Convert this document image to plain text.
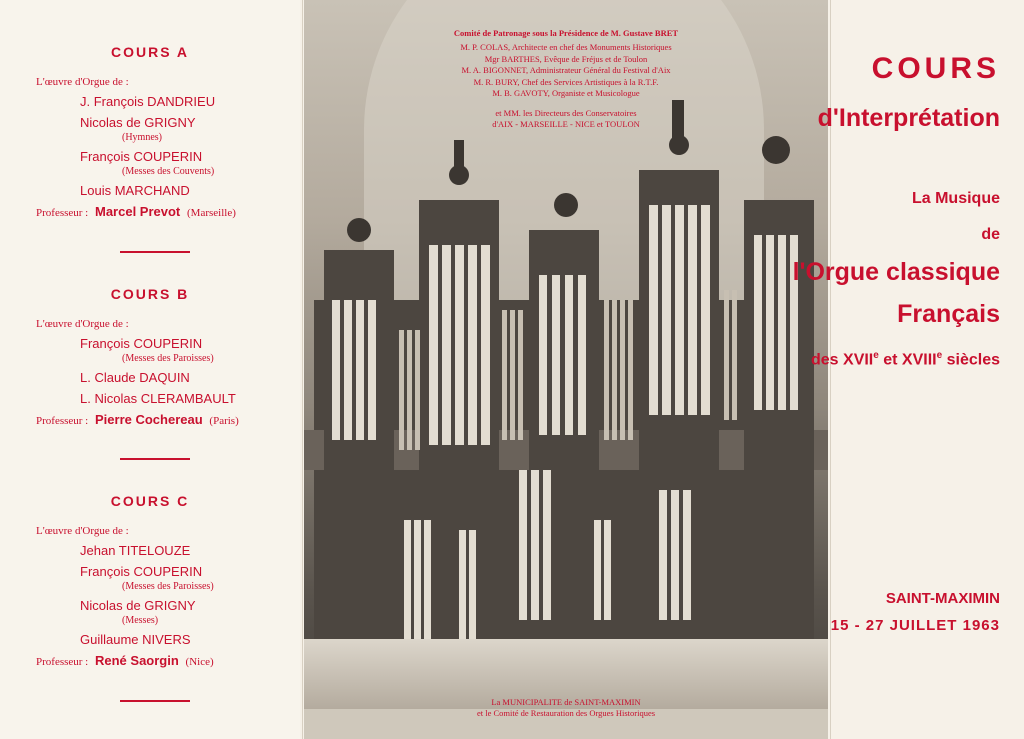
COURS A
L'œuvre d'Orgue de :
J. François DANDRIEU
Nicolas de GRIGNY
(Hymnes)
François COUPERIN
(Messes des Couvents)
Louis MARCHAND
Professeur : Marcel Prevot (Marseille)
COURS B
L'œuvre d'Orgue de :
François COUPERIN
(Messes des Paroisses)
L. Claude DAQUIN
L. Nicolas CLERAMBAULT
Professeur : Pierre Cochereau (Paris)
COURS C
L'œuvre d'Orgue de :
Jehan TITELOUZE
François COUPERIN
(Messes des Paroisses)
Nicolas de GRIGNY
(Messes)
Guillaume NIVERS
Professeur : René Saorgin (Nice)
Comité de Patronage sous la Présidence de M. Gustave BRET
M. P. COLAS, Architecte en chef des Monuments Historiques
Mgr BARTHES, Evêque de Fréjus et de Toulon
M. A. BIGONNET, Administrateur Général du Festival d'Aix
M. R. BURY, Chef des Services Artistiques à la R.T.F.
M. B. GAVOTY, Organiste et Musicologue
et MM. les Directeurs des Conservatoires
d'AIX - MARSEILLE - NICE et TOULON
La MUNICIPALITE de SAINT-MAXIMIN
et le Comité de Restauration des Orgues Historiques
COURS
d'Interprétation
La Musique
de
l'Orgue classique
Français
des XVIIe et XVIIIe siècles
SAINT-MAXIMIN
15 - 27 JUILLET 1963
